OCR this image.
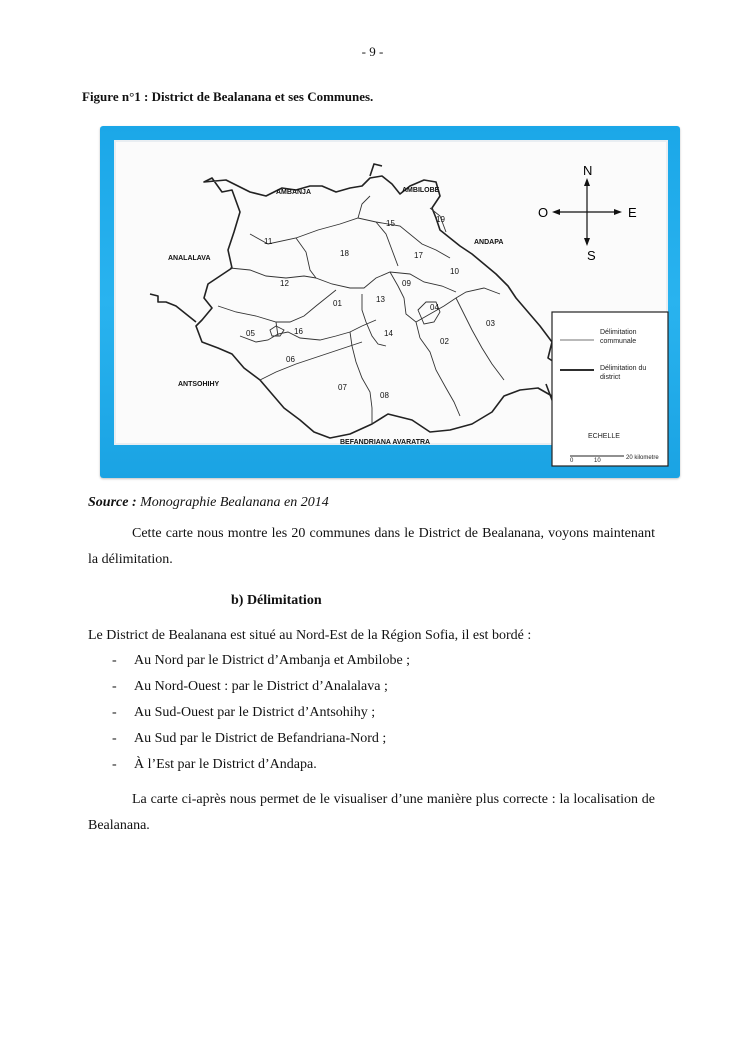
- 9 -
Figure n°1 : District de Bealanana et ses Communes.
AMBANJA	AMBILOBE
ANDAPA
ANALALAVA
ANTSOHIHY
BEFANDRIANA AVARATRA
01
02
03
04
05
06
07
08
09
10
11
12
13
14
15
16
17
18
19
N
S
O	E
Délimitation communale
Délimitation du district
ECHELLE
0	10	20 kilometre
Source : Monographie Bealanana en 2014
Cette carte nous montre les 20 communes dans le District de Bealanana, voyons maintenant la délimitation.
b) Délimitation
Le District de Bealanana est situé au Nord-Est de la Région Sofia, il est bordé :
- Au Nord par le District d’Ambanja et Ambilobe ;
- Au Nord-Ouest : par le District d’Analalava ;
- Au Sud-Ouest par le District d’Antsohihy ;
- Au Sud par le District de Befandriana-Nord ;
- À l’Est par le District d’Andapa.
La carte ci-après nous permet de le visualiser d’une manière plus correcte : la localisation de Bealanana.
